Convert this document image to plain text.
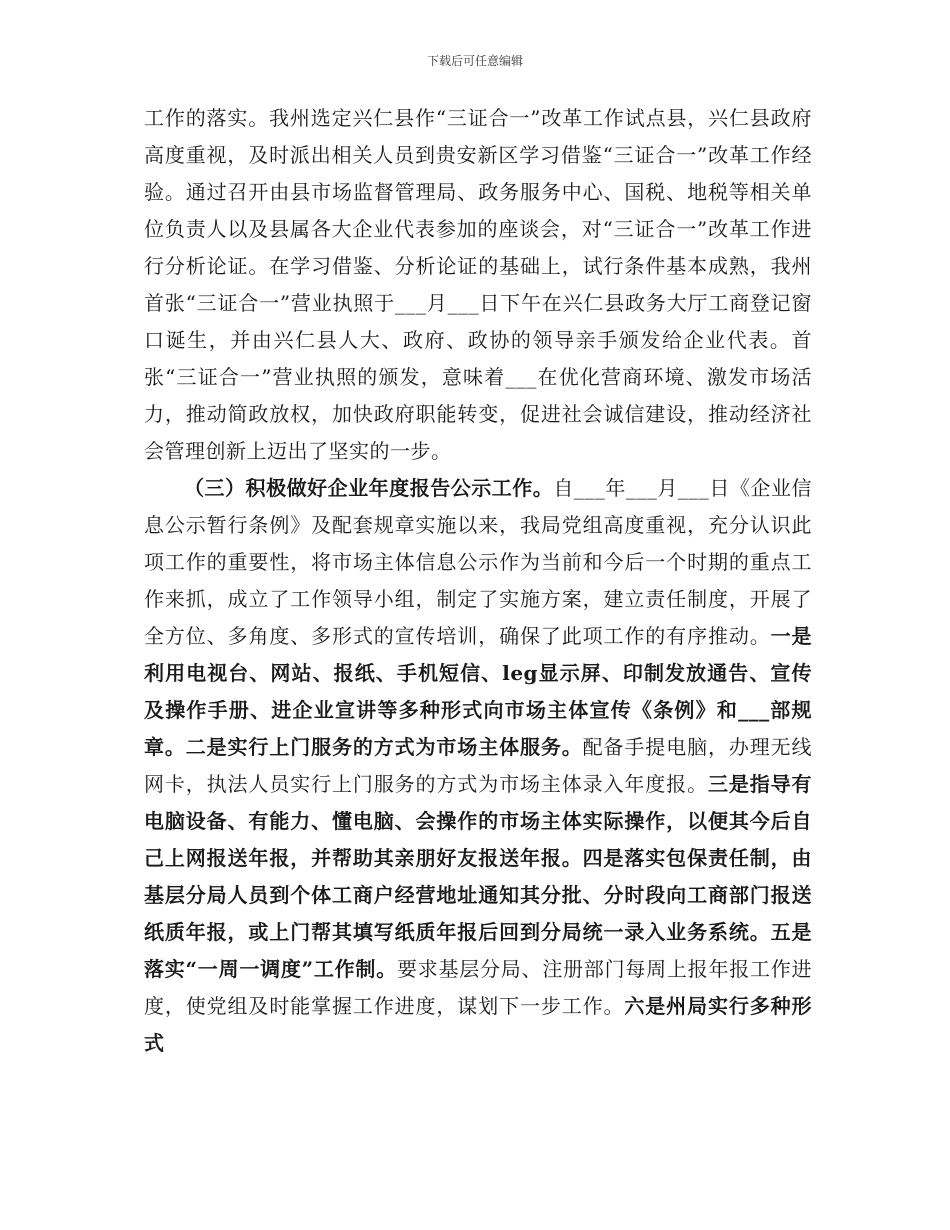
下载后可任意编辑

工作的落实。我州选定兴仁县作“三证合一”改革工作试点县，兴仁县政府高度重视，及时派出相关人员到贵安新区学习借鉴“三证合一”改革工作经验。通过召开由县市场监督管理局、政务服务中心、国税、地税等相关单位负责人以及县属各大企业代表参加的座谈会，对“三证合一”改革工作进行分析论证。在学习借鉴、分析论证的基础上，试行条件基本成熟，我州首张“三证合一”营业执照于___月___日下午在兴仁县政务大厅工商登记窗口诞生，并由兴仁县人大、政府、政协的领导亲手颁发给企业代表。首张“三证合一”营业执照的颁发，意味着___在优化营商环境、激发市场活力，推动简政放权，加快政府职能转变，促进社会诚信建设，推动经济社会管理创新上迈出了坚实的一步。

（三）积极做好企业年度报告公示工作。自___年___月___日《企业信息公示暂行条例》及配套规章实施以来，我局党组高度重视，充分认识此项工作的重要性，将市场主体信息公示作为当前和今后一个时期的重点工作来抓，成立了工作领导小组，制定了实施方案，建立责任制度，开展了全方位、多角度、多形式的宣传培训，确保了此项工作的有序推动。一是利用电视台、网站、报纸、手机短信、leg显示屏、印制发放通告、宣传及操作手册、进企业宣讲等多种形式向市场主体宣传《条例》和___部规章。二是实行上门服务的方式为市场主体服务。配备手提电脑，办理无线网卡，执法人员实行上门服务的方式为市场主体录入年度报。三是指导有电脑设备、有能力、懂电脑、会操作的市场主体实际操作，以便其今后自己上网报送年报，并帮助其亲朋好友报送年报。四是落实包保责任制，由基层分局人员到个体工商户经营地址通知其分批、分时段向工商部门报送纸质年报，或上门帮其填写纸质年报后回到分局统一录入业务系统。五是落实“一周一调度”工作制。要求基层分局、注册部门每周上报年报工作进度，使党组及时能掌握工作进度，谋划下一步工作。六是州局实行多种形式
